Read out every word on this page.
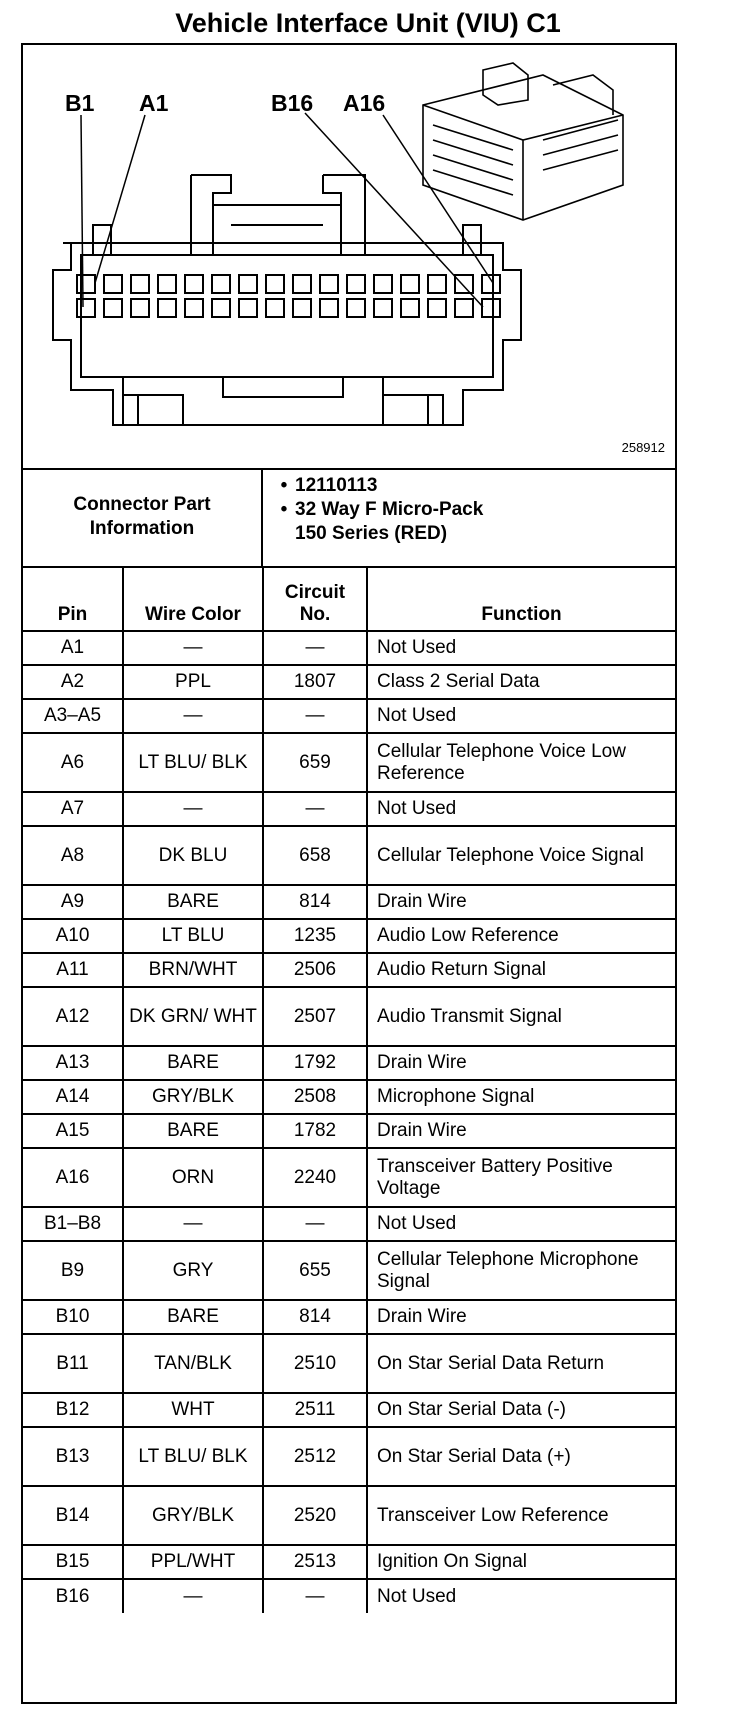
Vehicle Interface Unit (VIU) C1
B1 A1	B16 A16
258912
Connector Part Information
• 12110113
• 32 Way F Micro-Pack
150 Series (RED)
Pin	Wire Color	Circuit No.	Function
A1	—	—	Not Used
A2	PPL	1807	Class 2 Serial Data
A3–A5	—	—	Not Used
A6	LT BLU/ BLK	659	Cellular Telephone Voice Low Reference
A7	—	—	Not Used
A8	DK BLU	658	Cellular Telephone Voice Signal
A9	BARE	814	Drain Wire
A10	LT BLU	1235	Audio Low Reference
A11	BRN/WHT	2506	Audio Return Signal
A12	DK GRN/ WHT	2507	Audio Transmit Signal
A13	BARE	1792	Drain Wire
A14	GRY/BLK	2508	Microphone Signal
A15	BARE	1782	Drain Wire
A16	ORN	2240	Transceiver Battery Positive Voltage
B1–B8	—	—	Not Used
B9	GRY	655	Cellular Telephone Microphone Signal
B10	BARE	814	Drain Wire
B11	TAN/BLK	2510	On Star Serial Data Return
B12	WHT	2511	On Star Serial Data (-)
B13	LT BLU/ BLK	2512	On Star Serial Data (+)
B14	GRY/BLK	2520	Transceiver Low Reference
B15	PPL/WHT	2513	Ignition On Signal
B16	—	—	Not Used
